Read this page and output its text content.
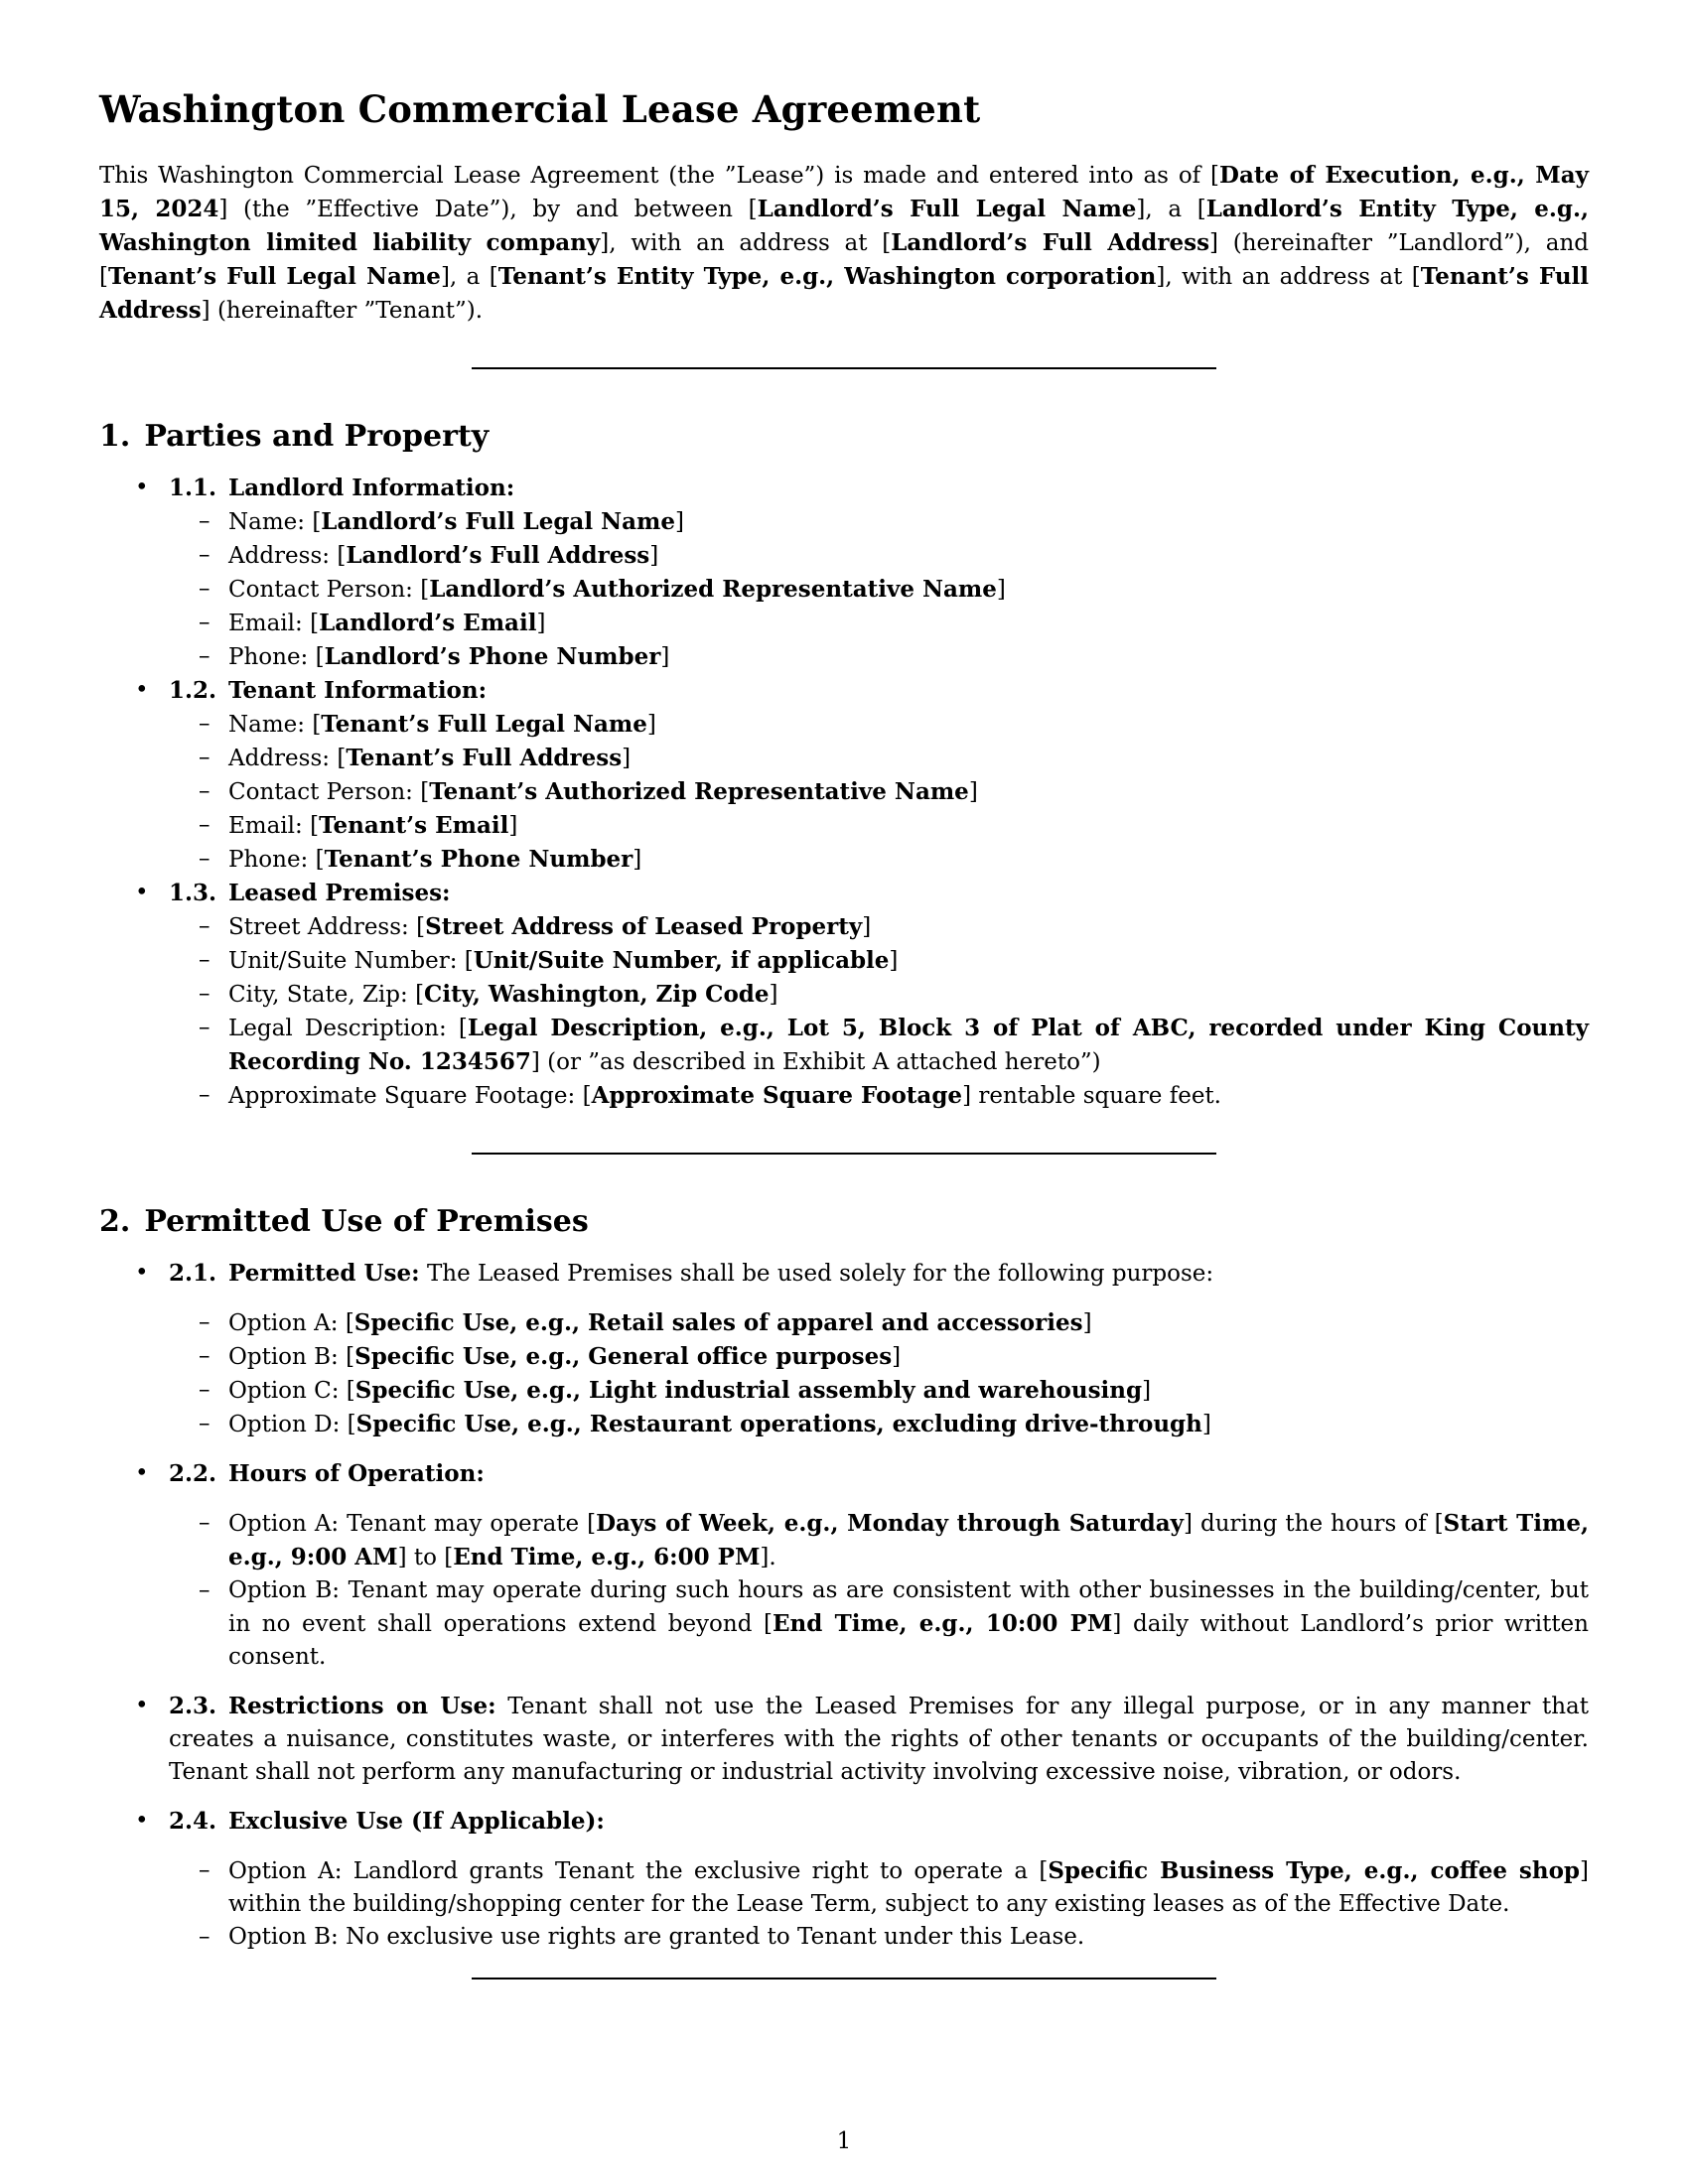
Washington Commercial Lease Agreement

This Washington Commercial Lease Agreement (the ”Lease”) is made and entered into as of [Date of Execution, e.g., May 15, 2024] (the ”Effective Date”), by and between [Landlord’s Full Legal Name], a [Landlord’s Entity Type, e.g., Washington limited liability company], with an address at [Landlord’s Full Address] (hereinafter ”Landlord”), and [Tenant’s Full Legal Name], a [Tenant’s Entity Type, e.g., Washington corporation], with an address at [Tenant’s Full Address] (hereinafter ”Tenant”).

1. Parties and Property
• 1.1. Landlord Information:
– Name: [Landlord’s Full Legal Name]
– Address: [Landlord’s Full Address]
– Contact Person: [Landlord’s Authorized Representative Name]
– Email: [Landlord’s Email]
– Phone: [Landlord’s Phone Number]
• 1.2. Tenant Information:
– Name: [Tenant’s Full Legal Name]
– Address: [Tenant’s Full Address]
– Contact Person: [Tenant’s Authorized Representative Name]
– Email: [Tenant’s Email]
– Phone: [Tenant’s Phone Number]
• 1.3. Leased Premises:
– Street Address: [Street Address of Leased Property]
– Unit/Suite Number: [Unit/Suite Number, if applicable]
– City, State, Zip: [City, Washington, Zip Code]
– Legal Description: [Legal Description, e.g., Lot 5, Block 3 of Plat of ABC, recorded under King County Recording No. 1234567] (or ”as described in Exhibit A attached hereto”)
– Approximate Square Footage: [Approximate Square Footage] rentable square feet.
2. Permitted Use of Premises
• 2.1. Permitted Use: The Leased Premises shall be used solely for the following purpose:
– Option A: [Specific Use, e.g., Retail sales of apparel and accessories]
– Option B: [Specific Use, e.g., General office purposes]
– Option C: [Specific Use, e.g., Light industrial assembly and warehousing]
– Option D: [Specific Use, e.g., Restaurant operations, excluding drive-through]
• 2.2. Hours of Operation:
– Option A: Tenant may operate [Days of Week, e.g., Monday through Saturday] during the hours of [Start Time, e.g., 9:00 AM] to [End Time, e.g., 6:00 PM].
– Option B: Tenant may operate during such hours as are consistent with other businesses in the building/center, but in no event shall operations extend beyond [End Time, e.g., 10:00 PM] daily without Landlord’s prior written consent.
• 2.3. Restrictions on Use: Tenant shall not use the Leased Premises for any illegal purpose, or in any manner that creates a nuisance, constitutes waste, or interferes with the rights of other tenants or occupants of the building/center. Tenant shall not perform any manufacturing or industrial activity involving excessive noise, vibration, or odors.
• 2.4. Exclusive Use (If Applicable):
– Option A: Landlord grants Tenant the exclusive right to operate a [Specific Business Type, e.g., coffee shop] within the building/shopping center for the Lease Term, subject to any existing leases as of the Effective Date.
– Option B: No exclusive use rights are granted to Tenant under this Lease.
1
